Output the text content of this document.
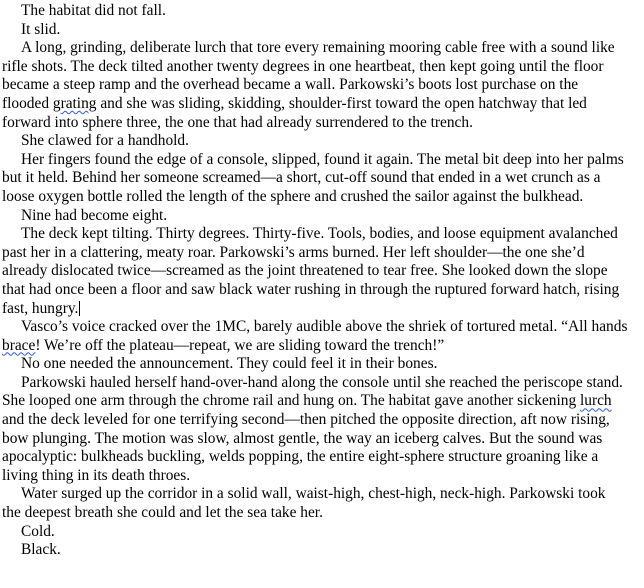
The habitat did not fall.

It slid.

A long, grinding, deliberate lurch that tore every remaining mooring cable free with a sound like rifle shots. The deck tilted another twenty degrees in one heartbeat, then kept going until the floor became a steep ramp and the overhead became a wall. Parkowski’s boots lost purchase on the flooded grating and she was sliding, skidding, shoulder-first toward the open hatchway that led forward into sphere three, the one that had already surrendered to the trench.

She clawed for a handhold.

Her fingers found the edge of a console, slipped, found it again. The metal bit deep into her palms but it held. Behind her someone screamed—a short, cut-off sound that ended in a wet crunch as a loose oxygen bottle rolled the length of the sphere and crushed the sailor against the bulkhead.

Nine had become eight.

The deck kept tilting. Thirty degrees. Thirty-five. Tools, bodies, and loose equipment avalanched past her in a clattering, meaty roar. Parkowski’s arms burned. Her left shoulder—the one she’d already dislocated twice—screamed as the joint threatened to tear free. She looked down the slope that had once been a floor and saw black water rushing in through the ruptured forward hatch, rising fast, hungry.

Vasco’s voice cracked over the 1MC, barely audible above the shriek of tortured metal. “All hands brace! We’re off the plateau—repeat, we are sliding toward the trench!”

No one needed the announcement. They could feel it in their bones.

Parkowski hauled herself hand-over-hand along the console until she reached the periscope stand. She looped one arm through the chrome rail and hung on. The habitat gave another sickening lurch and the deck leveled for one terrifying second—then pitched the opposite direction, aft now rising, bow plunging. The motion was slow, almost gentle, the way an iceberg calves. But the sound was apocalyptic: bulkheads buckling, welds popping, the entire eight-sphere structure groaning like a living thing in its death throes.

Water surged up the corridor in a solid wall, waist-high, chest-high, neck-high. Parkowski took the deepest breath she could and let the sea take her.

Cold.

Black.
